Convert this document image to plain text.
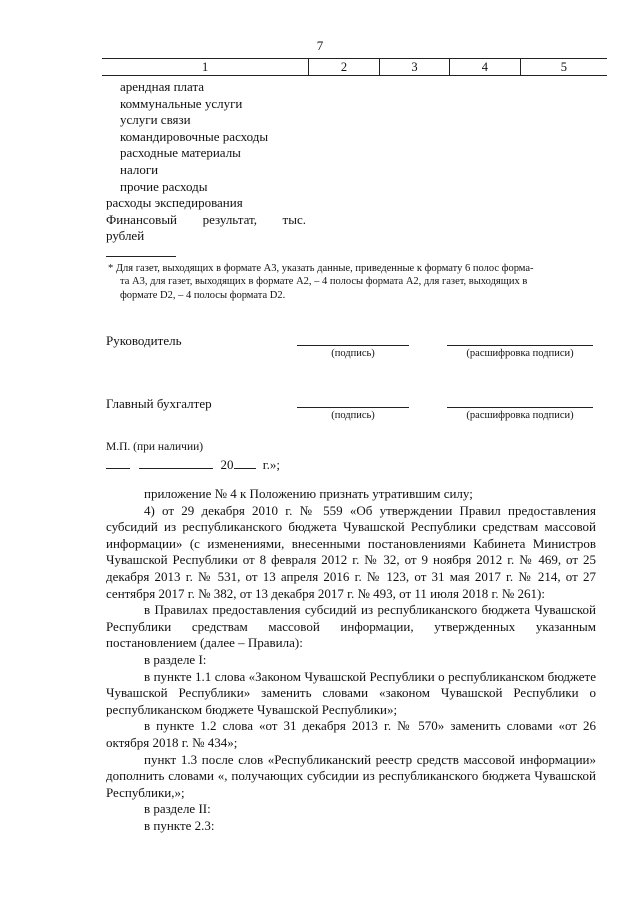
7
1	2	3	4	5
арендная плата
коммунальные услуги
услуги связи
командировочные расходы
расходные материалы
налоги
прочие расходы
расходы экспедирования
Финансовый результат, тыс.
рублей
* Для газет, выходящих в формате А3, указать данные, приведенные к формату 6 полос форма-
та А3, для газет, выходящих в формате А2, – 4 полосы формата А2, для газет, выходящих в
формате D2, – 4 полосы формата D2.
Руководитель
(подпись)	(расшифровка подписи)
Главный бухгалтер
(подпись)	(расшифровка подписи)
М.П. (при наличии)
20 г.»;

приложение № 4 к Положению признать утратившим силу;

4) от 29 декабря 2010 г. № 559 «Об утверждении Правил предоставления субсидий из республиканского бюджета Чувашской Республики средствам массовой информации» (с изменениями, внесенными постановлениями Кабинета Министров Чувашской Республики от 8 февраля 2012 г. № 32, от 9 ноября 2012 г. № 469, от 25 декабря 2013 г. № 531, от 13 апреля 2016 г. № 123, от 31 мая 2017 г. № 214, от 27 сентября 2017 г. № 382, от 13 декабря 2017 г. № 493, от 11 июля 2018 г. № 261):

в Правилах предоставления субсидий из республиканского бюджета Чувашской Республики средствам массовой информации, утвержденных указанным постановлением (далее – Правила):

в разделе I:

в пункте 1.1 слова «Законом Чувашской Республики о республиканском бюджете Чувашской Республики» заменить словами «законом Чувашской Республики о республиканском бюджете Чувашской Республики»;

в пункте 1.2 слова «от 31 декабря 2013 г. № 570» заменить словами «от 26 октября 2018 г. № 434»;

пункт 1.3 после слов «Республиканский реестр средств массовой информации» дополнить словами «, получающих субсидии из республиканского бюджета Чувашской Республики,»;

в разделе II:

в пункте 2.3:
